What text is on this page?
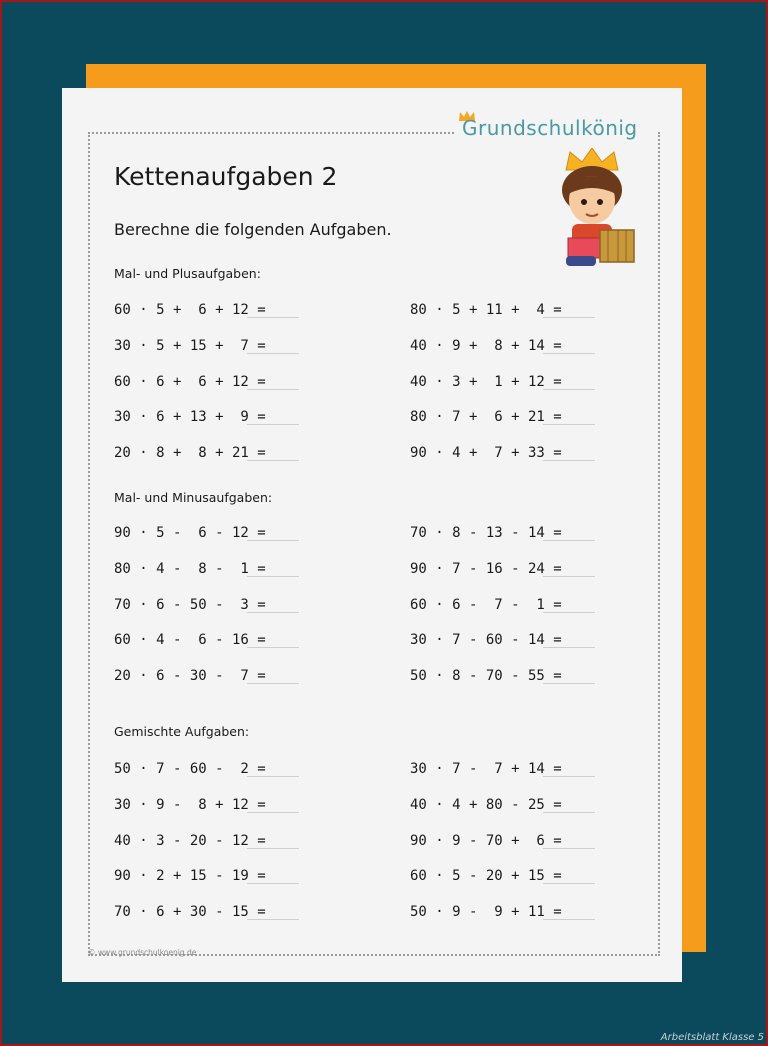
Grundschulkönig
Kettenaufgaben 2
Berechne die folgenden Aufgaben.
Mal- und Plusaufgaben:
60 · 5 +  6 + 12 =
30 · 5 + 15 +  7 =
60 · 6 +  6 + 12 =
30 · 6 + 13 +  9 =
20 · 8 +  8 + 21 =
80 · 5 + 11 +  4 =
40 · 9 +  8 + 14 =
40 · 3 +  1 + 12 =
80 · 7 +  6 + 21 =
90 · 4 +  7 + 33 =
Mal- und Minusaufgaben:
90 · 5 -  6 - 12 =
80 · 4 -  8 -  1 =
70 · 6 - 50 -  3 =
60 · 4 -  6 - 16 =
20 · 6 - 30 -  7 =
70 · 8 - 13 - 14 =
90 · 7 - 16 - 24 =
60 · 6 -  7 -  1 =
30 · 7 - 60 - 14 =
50 · 8 - 70 - 55 =
Gemischte Aufgaben:
50 · 7 - 60 -  2 =
30 · 9 -  8 + 12 =
40 · 3 - 20 - 12 =
90 · 2 + 15 - 19 =
70 · 6 + 30 - 15 =
30 · 7 -  7 + 14 =
40 · 4 + 80 - 25 =
90 · 9 - 70 +  6 =
60 · 5 - 20 + 15 =
50 · 9 -  9 + 11 =
© www.grundschulkoenig.de
Arbeitsblatt Klasse 5
